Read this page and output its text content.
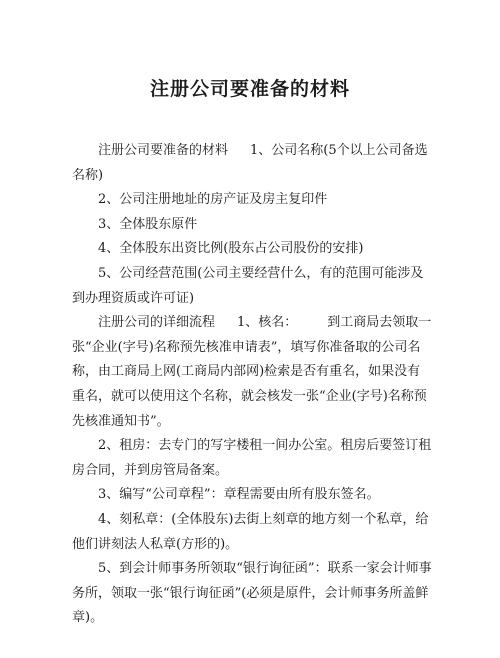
注册公司要准备的材料

注册公司要准备的材料 1、公司名称(5个以上公司备选名称)

2、公司注册地址的房产证及房主复印件

3、全体股东原件

4、全体股东出资比例(股东占公司股份的安排)

5、公司经营范围(公司主要经营什么，有的范围可能涉及到办理资质或许可证)

注册公司的详细流程 1、核名： 到工商局去领取一张“企业(字号)名称预先核准申请表”，填写你准备取的公司名称，由工商局上网(工商局内部网)检索是否有重名，如果没有重名，就可以使用这个名称，就会核发一张“企业(字号)名称预先核准通知书”。

2、租房：去专门的写字楼租一间办公室。租房后要签订租房合同，并到房管局备案。

3、编写“公司章程”：章程需要由所有股东签名。

4、刻私章：(全体股东)去街上刻章的地方刻一个私章，给他们讲刻法人私章(方形的)。

5、到会计师事务所领取“银行询征函”：联系一家会计师事务所，领取一张“银行询征函”(必须是原件，会计师事务所盖鲜章)。
